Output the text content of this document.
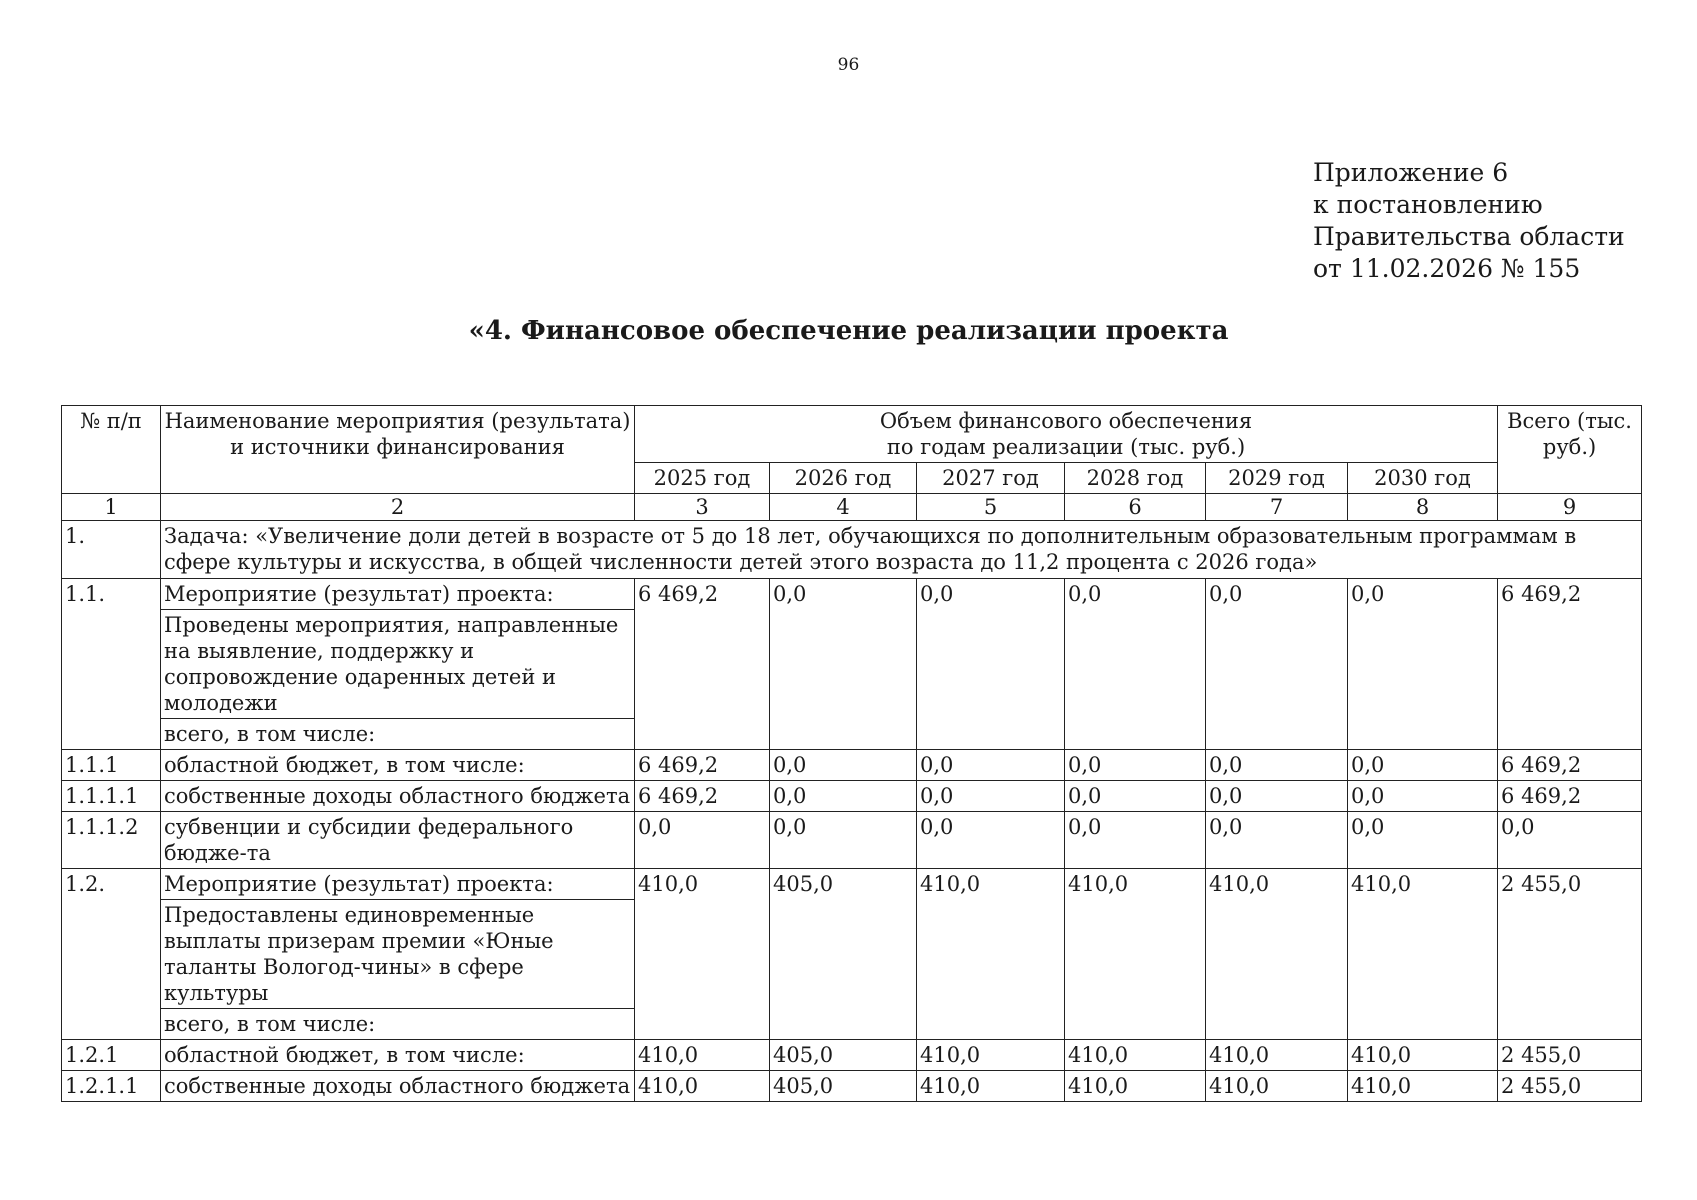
96
Приложение 6
к постановлению
Правительства области
от 11.02.2026 № 155
«4. Финансовое обеспечение реализации проекта
№ п/п	Наименование мероприятия (результата) и источники финансирования	Объем финансового обеспечения
по годам реализации (тыс. руб.)						Всего (тыс. руб.)
		2025 год	2026 год	2027 год	2028 год	2029 год	2030 год	
1	2	3	4	5	6	7	8	9
1.	Задача: «Увеличение доли детей в возрасте от 5 до 18 лет, обучающихся по дополнительным образовательным программам в сфере культуры и искусства, в общей численности детей этого возраста до 11,2 процента с 2026 года»							
1.1.	Мероприятие (результат) проекта:	6 469,2	0,0	0,0	0,0	0,0	0,0	6 469,2
	Проведены мероприятия, направленные на выявление, поддержку и сопровождение одаренных детей и молодежи							
	всего, в том числе:							
1.1.1	областной бюджет, в том числе:	6 469,2	0,0	0,0	0,0	0,0	0,0	6 469,2
1.1.1.1	собственные доходы областного бюджета	6 469,2	0,0	0,0	0,0	0,0	0,0	6 469,2
1.1.1.2	субвенции и субсидии федерального бюдже-та	0,0	0,0	0,0	0,0	0,0	0,0	0,0
1.2.	Мероприятие (результат) проекта:	410,0	405,0	410,0	410,0	410,0	410,0	2 455,0
	Предоставлены единовременные выплаты призерам премии «Юные таланты Вологод-чины» в сфере культуры							
	всего, в том числе:							
1.2.1	областной бюджет, в том числе:	410,0	405,0	410,0	410,0	410,0	410,0	2 455,0
1.2.1.1	собственные доходы областного бюджета	410,0	405,0	410,0	410,0	410,0	410,0	2 455,0
